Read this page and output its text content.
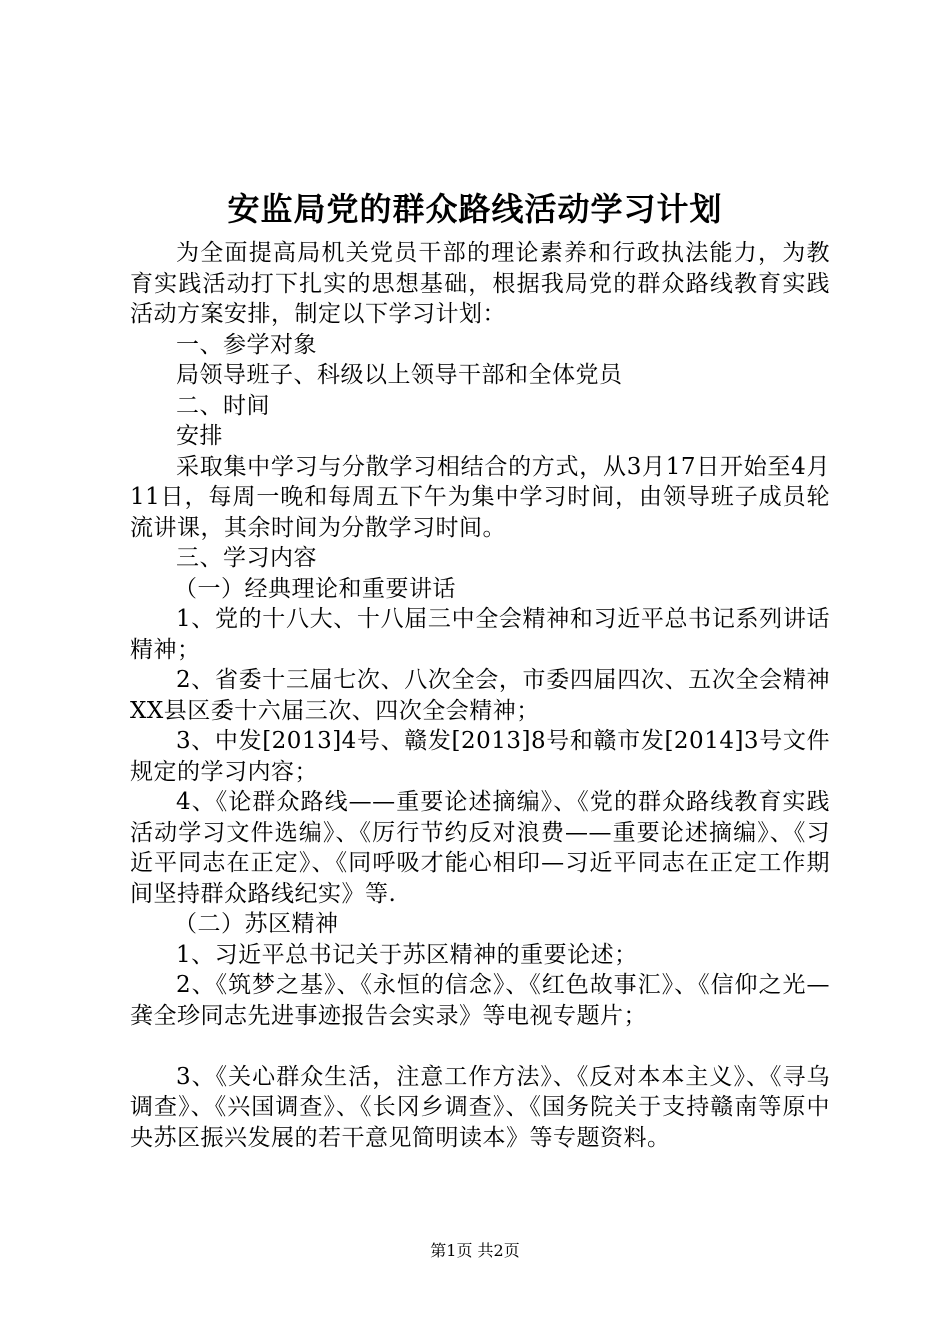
安监局党的群众路线活动学习计划

为全面提高局机关党员干部的理论素养和行政执法能力，为教育实践活动打下扎实的思想基础，根据我局党的群众路线教育实践活动方案安排，制定以下学习计划：

一、参学对象

局领导班子、科级以上领导干部和全体党员

二、时间

安排

采取集中学习与分散学习相结合的方式，从3月17日开始至4月11日，每周一晚和每周五下午为集中学习时间，由领导班子成员轮流讲课，其余时间为分散学习时间。

三、学习内容

（一）经典理论和重要讲话

1、党的十八大、十八届三中全会精神和习近平总书记系列讲话精神；

2、省委十三届七次、八次全会，市委四届四次、五次全会精神XX县区委十六届三次、四次全会精神；

3、中发[2013]4号、赣发[2013]8号和赣市发[2014]3号文件规定的学习内容；

4、《论群众路线——重要论述摘编》、《党的群众路线教育实践活动学习文件选编》、《厉行节约反对浪费——重要论述摘编》、《习近平同志在正定》、《同呼吸才能心相印—习近平同志在正定工作期间坚持群众路线纪实》等.

（二）苏区精神

1、习近平总书记关于苏区精神的重要论述；

2、《筑梦之基》、《永恒的信念》、《红色故事汇》、《信仰之光—龚全珍同志先进事迹报告会实录》等电视专题片；

3、《关心群众生活，注意工作方法》、《反对本本主义》、《寻乌调查》、《兴国调查》、《长冈乡调查》、《国务院关于支持赣南等原中央苏区振兴发展的若干意见简明读本》等专题资料。

第1页 共2页
